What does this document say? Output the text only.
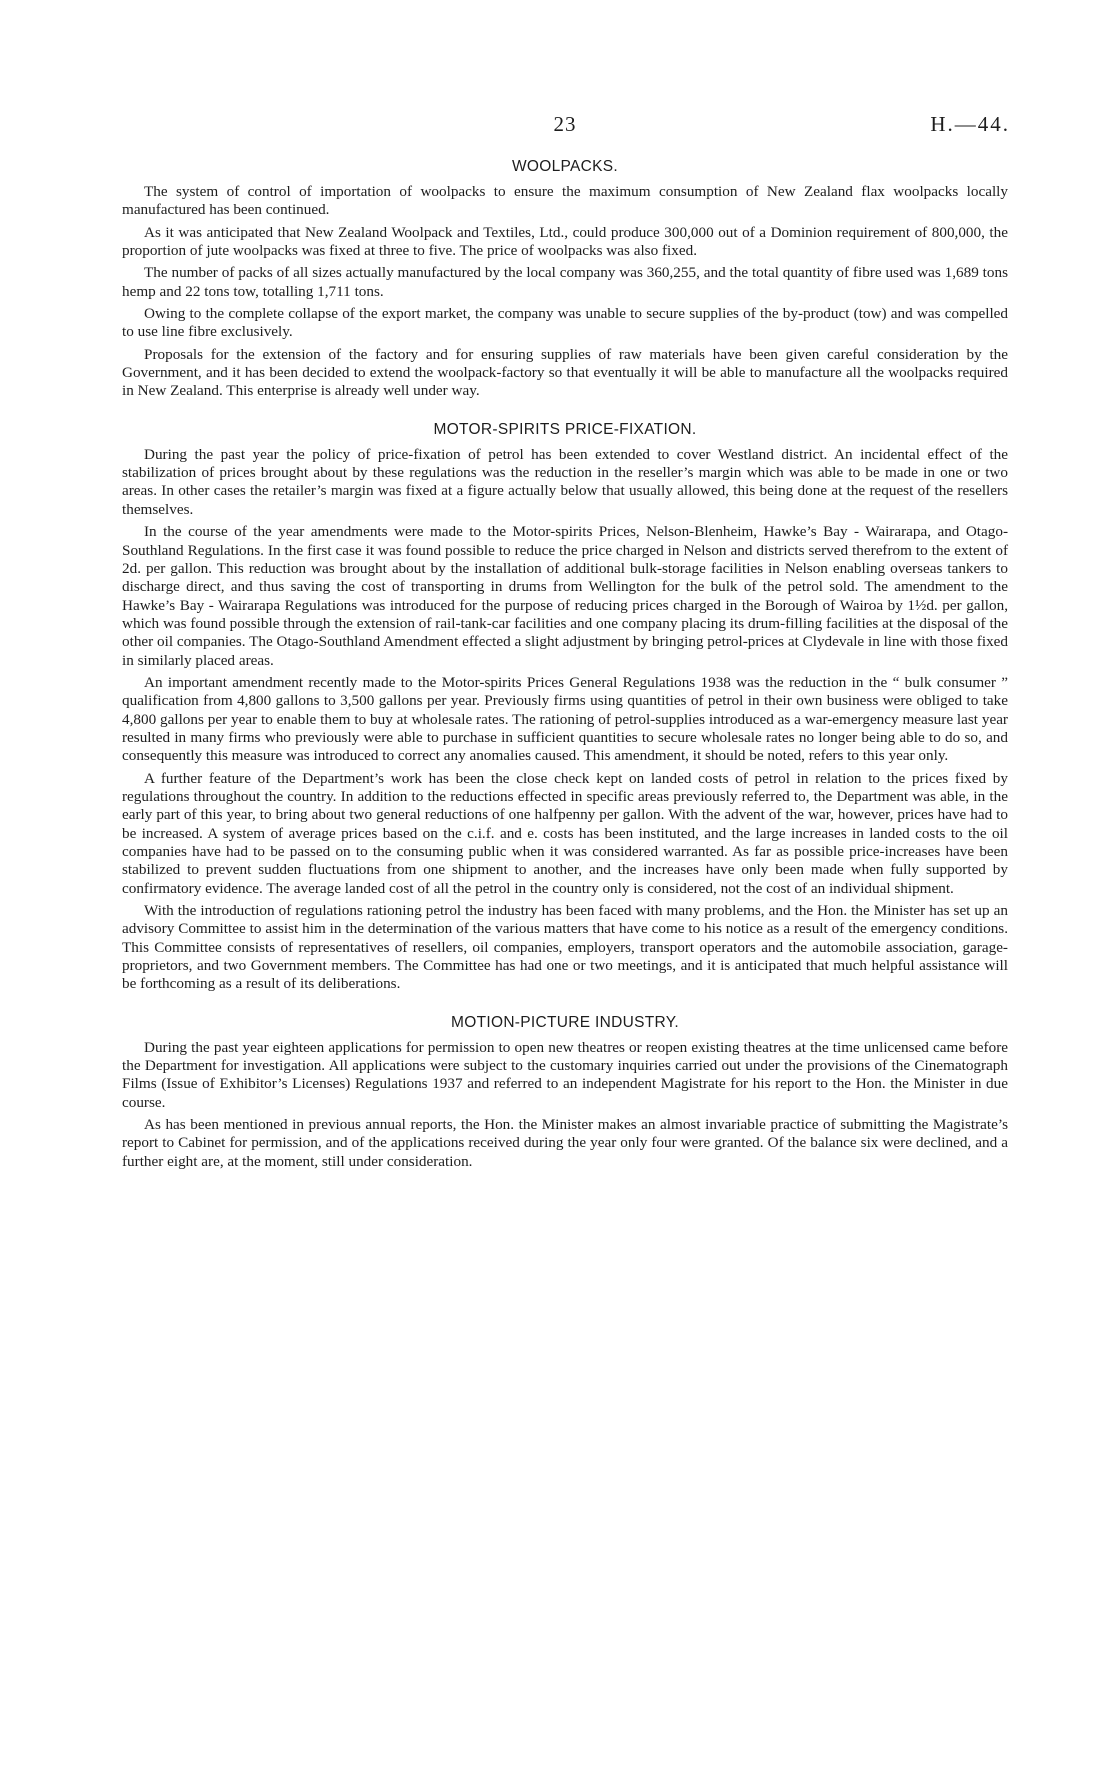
23	H.—44.
WOOLPACKS.

The system of control of importation of woolpacks to ensure the maximum consumption of New Zealand flax woolpacks locally manufactured has been continued.

As it was anticipated that New Zealand Woolpack and Textiles, Ltd., could produce 300,000 out of a Dominion requirement of 800,000, the proportion of jute woolpacks was fixed at three to five. The price of woolpacks was also fixed.

The number of packs of all sizes actually manufactured by the local company was 360,255, and the total quantity of fibre used was 1,689 tons hemp and 22 tons tow, totalling 1,711 tons.

Owing to the complete collapse of the export market, the company was unable to secure supplies of the by-product (tow) and was compelled to use line fibre exclusively.

Proposals for the extension of the factory and for ensuring supplies of raw materials have been given careful consideration by the Government, and it has been decided to extend the woolpack-factory so that eventually it will be able to manufacture all the woolpacks required in New Zealand. This enterprise is already well under way.

MOTOR-SPIRITS PRICE-FIXATION.

During the past year the policy of price-fixation of petrol has been extended to cover Westland district. An incidental effect of the stabilization of prices brought about by these regulations was the reduction in the reseller’s margin which was able to be made in one or two areas. In other cases the retailer’s margin was fixed at a figure actually below that usually allowed, this being done at the request of the resellers themselves.

In the course of the year amendments were made to the Motor-spirits Prices, Nelson-Blenheim, Hawke’s Bay - Wairarapa, and Otago-Southland Regulations. In the first case it was found possible to reduce the price charged in Nelson and districts served therefrom to the extent of 2d. per gallon. This reduction was brought about by the installation of additional bulk-storage facilities in Nelson enabling overseas tankers to discharge direct, and thus saving the cost of transporting in drums from Wellington for the bulk of the petrol sold. The amendment to the Hawke’s Bay - Wairarapa Regulations was introduced for the purpose of reducing prices charged in the Borough of Wairoa by 1½d. per gallon, which was found possible through the extension of rail-tank-car facilities and one company placing its drum-filling facilities at the disposal of the other oil companies. The Otago-Southland Amendment effected a slight adjustment by bringing petrol-prices at Clydevale in line with those fixed in similarly placed areas.

An important amendment recently made to the Motor-spirits Prices General Regulations 1938 was the reduction in the “ bulk consumer ” qualification from 4,800 gallons to 3,500 gallons per year. Previously firms using quantities of petrol in their own business were obliged to take 4,800 gallons per year to enable them to buy at wholesale rates. The rationing of petrol-supplies introduced as a war-emergency measure last year resulted in many firms who previously were able to purchase in sufficient quantities to secure wholesale rates no longer being able to do so, and consequently this measure was introduced to correct any anomalies caused. This amendment, it should be noted, refers to this year only.

A further feature of the Department’s work has been the close check kept on landed costs of petrol in relation to the prices fixed by regulations throughout the country. In addition to the reductions effected in specific areas previously referred to, the Department was able, in the early part of this year, to bring about two general reductions of one halfpenny per gallon. With the advent of the war, however, prices have had to be increased. A system of average prices based on the c.i.f. and e. costs has been instituted, and the large increases in landed costs to the oil companies have had to be passed on to the consuming public when it was considered warranted. As far as possible price-increases have been stabilized to prevent sudden fluctuations from one shipment to another, and the increases have only been made when fully supported by confirmatory evidence. The average landed cost of all the petrol in the country only is considered, not the cost of an individual shipment.

With the introduction of regulations rationing petrol the industry has been faced with many problems, and the Hon. the Minister has set up an advisory Committee to assist him in the determination of the various matters that have come to his notice as a result of the emergency conditions. This Committee consists of representatives of resellers, oil companies, employers, transport operators and the automobile association, garage-proprietors, and two Government members. The Committee has had one or two meetings, and it is anticipated that much helpful assistance will be forthcoming as a result of its deliberations.

MOTION-PICTURE INDUSTRY.

During the past year eighteen applications for permission to open new theatres or reopen existing theatres at the time unlicensed came before the Department for investigation. All applications were subject to the customary inquiries carried out under the provisions of the Cinematograph Films (Issue of Exhibitor’s Licenses) Regulations 1937 and referred to an independent Magistrate for his report to the Hon. the Minister in due course.

As has been mentioned in previous annual reports, the Hon. the Minister makes an almost invariable practice of submitting the Magistrate’s report to Cabinet for permission, and of the applications received during the year only four were granted. Of the balance six were declined, and a further eight are, at the moment, still under consideration.
